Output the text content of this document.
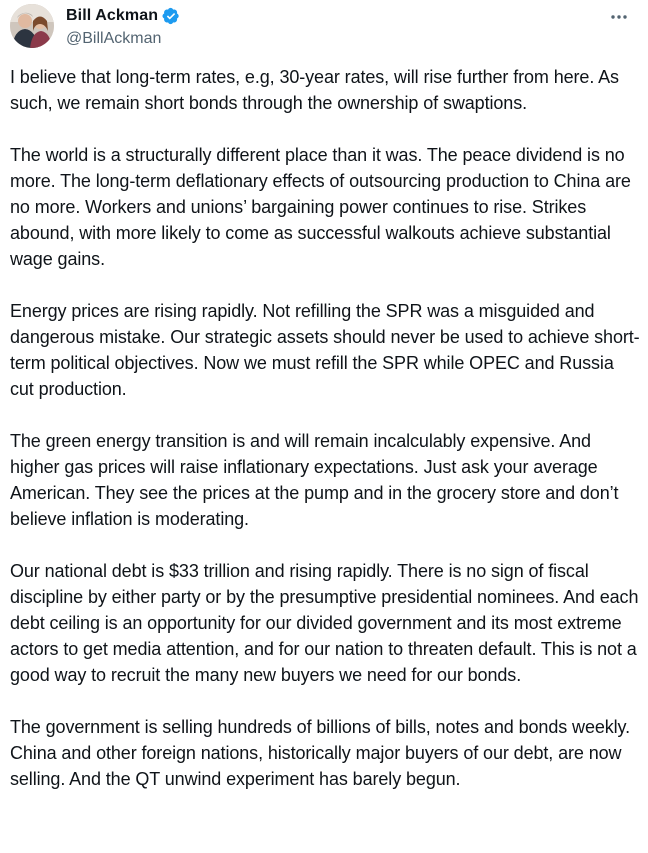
Bill Ackman
@BillAckman

I believe that long-term rates, e.g, 30-year rates, will rise further from here. As such, we remain short bonds through the ownership of swaptions.

The world is a structurally different place than it was. The peace dividend is no more. The long-term deflationary effects of outsourcing production to China are no more. Workers and unions’ bargaining power continues to rise. Strikes abound, with more likely to come as successful walkouts achieve substantial wage gains.

Energy prices are rising rapidly. Not refilling the SPR was a misguided and dangerous mistake. Our strategic assets should never be used to achieve short-term political objectives. Now we must refill the SPR while OPEC and Russia cut production.

The green energy transition is and will remain incalculably expensive. And higher gas prices will raise inflationary expectations. Just ask your average American. They see the prices at the pump and in the grocery store and don’t believe inflation is moderating.

Our national debt is $33 trillion and rising rapidly. There is no sign of fiscal discipline by either party or by the presumptive presidential nominees. And each debt ceiling is an opportunity for our divided government and its most extreme actors to get media attention, and for our nation to threaten default. This is not a good way to recruit the many new buyers we need for our bonds.

The government is selling hundreds of billions of bills, notes and bonds weekly. China and other foreign nations, historically major buyers of our debt, are now selling. And the QT unwind experiment has barely begun.
